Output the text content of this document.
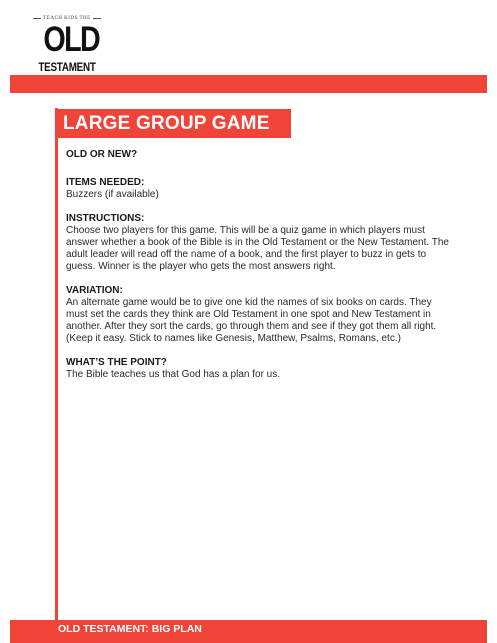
TEACH KIDS THE
OLD
TESTAMENT
LARGE GROUP GAME

OLD OR NEW?

ITEMS NEEDED:

Buzzers (if available)

INSTRUCTIONS:

Choose two players for this game. This will be a quiz game in which players must answer whether a book of the Bible is in the Old Testament or the New Testament. The adult leader will read off the name of a book, and the first player to buzz in gets to guess. Winner is the player who gets the most answers right.

VARIATION:

An alternate game would be to give one kid the names of six books on cards. They must set the cards they think are Old Testament in one spot and New Testament in another. After they sort the cards, go through them and see if they got them all right. (Keep it easy. Stick to names like Genesis, Matthew, Psalms, Romans, etc.)

WHAT’S THE POINT?

The Bible teaches us that God has a plan for us.

OLD TESTAMENT: BIG PLAN
